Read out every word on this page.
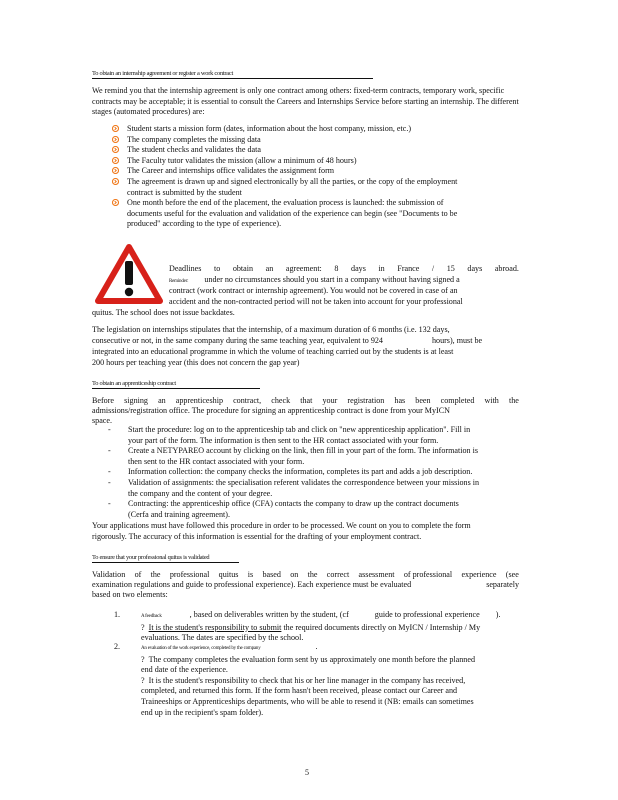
To obtain an internship agreement or register a work contract
We remind you that the internship agreement is only one contract among others: fixed-term contracts, temporary work, specific contracts may be acceptable; it is essential to consult the Careers and Internships Service before starting an internship. The different stages (automated procedures) are:
Student starts a mission form (dates, information about the host company, mission, etc.)
The company completes the missing data
The student checks and validates the data
The Faculty tutor validates the mission (allow a minimum of 48 hours)
The Career and internships office validates the assignment form
The agreement is drawn up and signed electronically by all the parties, or the copy of the employment contract is submitted by the student
One month before the end of the placement, the evaluation process is launched: the submission of documents useful for the evaluation and validation of the experience can begin (see "Documents to be produced" according to the type of experience).
Deadlines to obtain an agreement: 8 days in France / 15 days abroad.
Reminder: under no circumstances should you start in a company without having signed a
contract (work contract or internship agreement). You would not be covered in case of an
accident and the non-contracted period will not be taken into account for your professional
quitus. The school does not issue backdates.
The legislation on internships stipulates that the internship, of a maximum duration of 6 months (i.e. 132 days,
consecutive or not, in the same company during the same teaching year, equivalent to 924	hours), must be
integrated into an educational programme in which the volume of teaching carried out by the students is at least
200 hours per teaching year (this does not concern the gap year)
To obtain an apprenticeship contract
Before signing an apprenticeship contract, check that your registration has been completed with the
admissions/registration office. The procedure for signing an apprenticeship contract is done from your MyICN
space.
- Start the procedure: log on to the apprenticeship tab and click on "new apprenticeship application". Fill in your part of the form. The information is then sent to the HR contact associated with your form.
- Create a NETYPAREO account by clicking on the link, then fill in your part of the form. The information is then sent to the HR contact associated with your form.
- Information collection: the company checks the information, completes its part and adds a job description.
- Validation of assignments: the specialisation referent validates the correspondence between your missions in the company and the content of your degree.
- Contracting: the apprenticeship office (CFA) contacts the company to draw up the contract documents (Cerfa and training agreement).
Your applications must have followed this procedure in order to be processed. We count on you to complete the form rigorously. The accuracy of this information is essential for the drafting of your employment contract.
To ensure that your professional quitus is validated
Validation of the professional quitus is based on the correct assessment of professional experience (see
examination regulations and guide to professional experience). Each experience must be evaluated	separately
based on two elements:
1.	A feedback	, based on deliverables written by the student, (cf	guide to professional experience ).
? It is the student's responsibility to submit the required documents directly on MyICN / Internship / My
evaluations. The dates are specified by the school.
2.	An evaluation of the work experience, completed by the company	.
? The company completes the evaluation form sent by us approximately one month before the planned
end date of the experience.
? It is the student's responsibility to check that his or her line manager in the company has received,
completed, and returned this form. If the form hasn't been received, please contact our Career and
Traineeships or Apprenticeships departments, who will be able to resend it (NB: emails can sometimes
end up in the recipient's spam folder).
5
